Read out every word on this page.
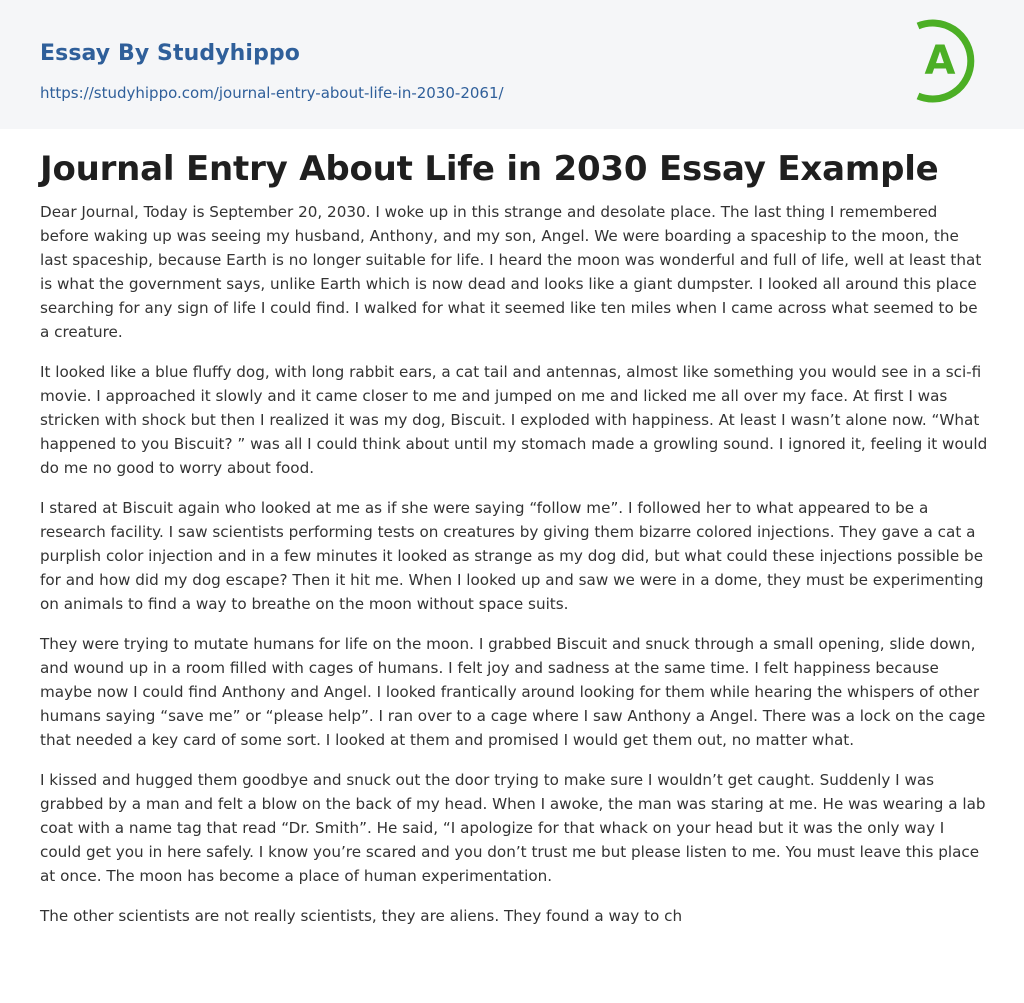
Essay By Studyhippo
https://studyhippo.com/journal-entry-about-life-in-2030-2061/
A
Journal Entry About Life in 2030 Essay Example

Dear Journal, Today is September 20, 2030. I woke up in this strange and desolate place. The last thing I remembered before waking up was seeing my husband, Anthony, and my son, Angel. We were boarding a spaceship to the moon, the last spaceship, because Earth is no longer suitable for life. I heard the moon was wonderful and full of life, well at least that is what the government says, unlike Earth which is now dead and looks like a giant dumpster. I looked all around this place searching for any sign of life I could find. I walked for what it seemed like ten miles when I came across what seemed to be a creature.

It looked like a blue fluffy dog, with long rabbit ears, a cat tail and antennas, almost like something you would see in a sci-fi movie. I approached it slowly and it came closer to me and jumped on me and licked me all over my face. At first I was stricken with shock but then I realized it was my dog, Biscuit. I exploded with happiness. At least I wasn’t alone now. “What happened to you Biscuit? ” was all I could think about until my stomach made a growling sound. I ignored it, feeling it would do me no good to worry about food.

I stared at Biscuit again who looked at me as if she were saying “follow me”. I followed her to what appeared to be a research facility. I saw scientists performing tests on creatures by giving them bizarre colored injections. They gave a cat a purplish color injection and in a few minutes it looked as strange as my dog did, but what could these injections possible be for and how did my dog escape? Then it hit me. When I looked up and saw we were in a dome, they must be experimenting on animals to find a way to breathe on the moon without space suits.

They were trying to mutate humans for life on the moon. I grabbed Biscuit and snuck through a small opening, slide down, and wound up in a room filled with cages of humans. I felt joy and sadness at the same time. I felt happiness because maybe now I could find Anthony and Angel. I looked frantically around looking for them while hearing the whispers of other humans saying “save me” or “please help”. I ran over to a cage where I saw Anthony a Angel. There was a lock on the cage that needed a key card of some sort. I looked at them and promised I would get them out, no matter what.

I kissed and hugged them goodbye and snuck out the door trying to make sure I wouldn’t get caught. Suddenly I was grabbed by a man and felt a blow on the back of my head. When I awoke, the man was staring at me. He was wearing a lab coat with a name tag that read “Dr. Smith”. He said, “I apologize for that whack on your head but it was the only way I could get you in here safely. I know you’re scared and you don’t trust me but please listen to me. You must leave this place at once. The moon has become a place of human experimentation.

The other scientists are not really scientists, they are aliens. They found a way to ch
